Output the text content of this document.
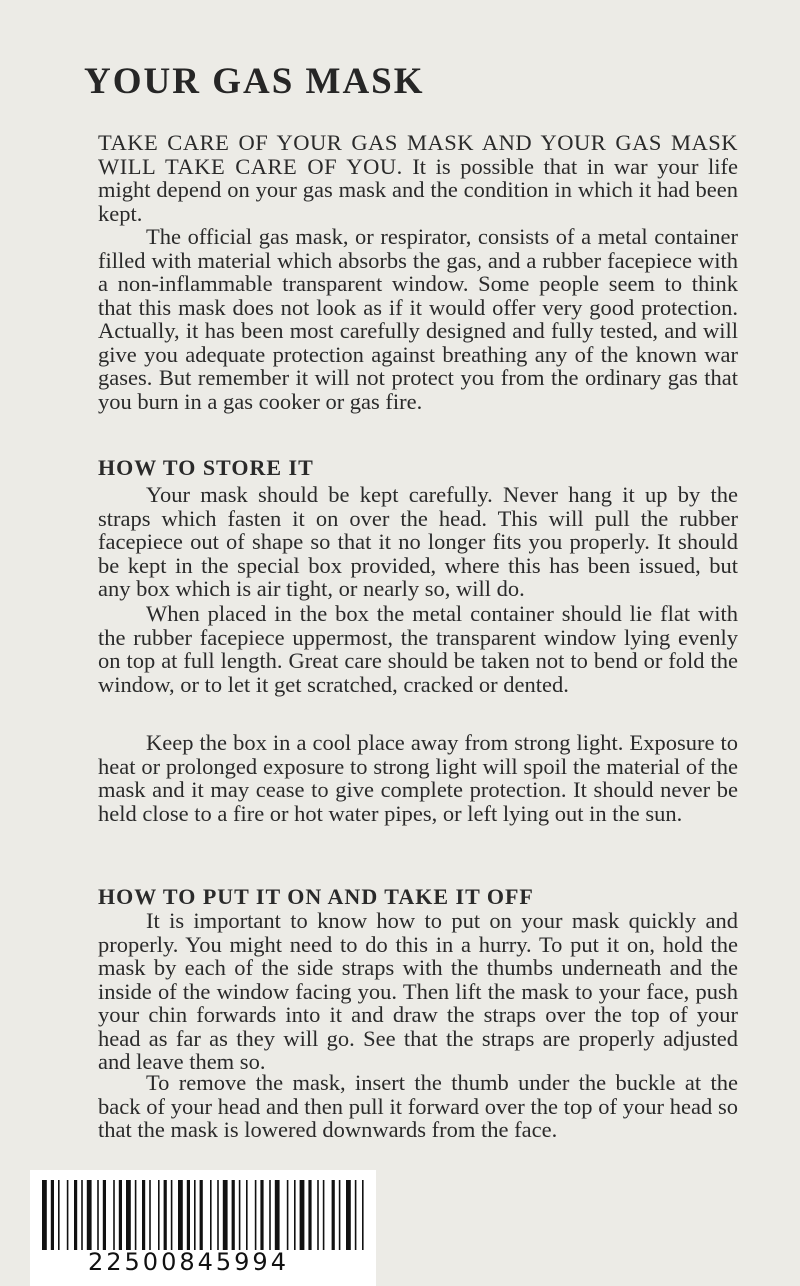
YOUR GAS MASK

TAKE CARE OF YOUR GAS MASK AND YOUR GAS MASK WILL TAKE CARE OF YOU. It is possible that in war your life might depend on your gas mask and the condition in which it had been kept.

The official gas mask, or respirator, consists of a metal container filled with material which absorbs the gas, and a rubber facepiece with a non-inflammable transparent window. Some people seem to think that this mask does not look as if it would offer very good protection. Actually, it has been most carefully designed and fully tested, and will give you adequate protection against breathing any of the known war gases. But remember it will not protect you from the ordinary gas that you burn in a gas cooker or gas fire.

HOW TO STORE IT

Your mask should be kept carefully. Never hang it up by the straps which fasten it on over the head. This will pull the rubber facepiece out of shape so that it no longer fits you properly. It should be kept in the special box provided, where this has been issued, but any box which is air tight, or nearly so, will do.

When placed in the box the metal container should lie flat with the rubber facepiece uppermost, the transparent window lying evenly on top at full length. Great care should be taken not to bend or fold the window, or to let it get scratched, cracked or dented.

Keep the box in a cool place away from strong light. Exposure to heat or prolonged exposure to strong light will spoil the material of the mask and it may cease to give complete protection. It should never be held close to a fire or hot water pipes, or left lying out in the sun.

HOW TO PUT IT ON AND TAKE IT OFF

It is important to know how to put on your mask quickly and properly. You might need to do this in a hurry. To put it on, hold the mask by each of the side straps with the thumbs underneath and the inside of the window facing you. Then lift the mask to your face, push your chin forwards into it and draw the straps over the top of your head as far as they will go. See that the straps are properly adjusted and leave them so.

To remove the mask, insert the thumb under the buckle at the back of your head and then pull it forward over the top of your head so that the mask is lowered downwards from the face.

22500845994
